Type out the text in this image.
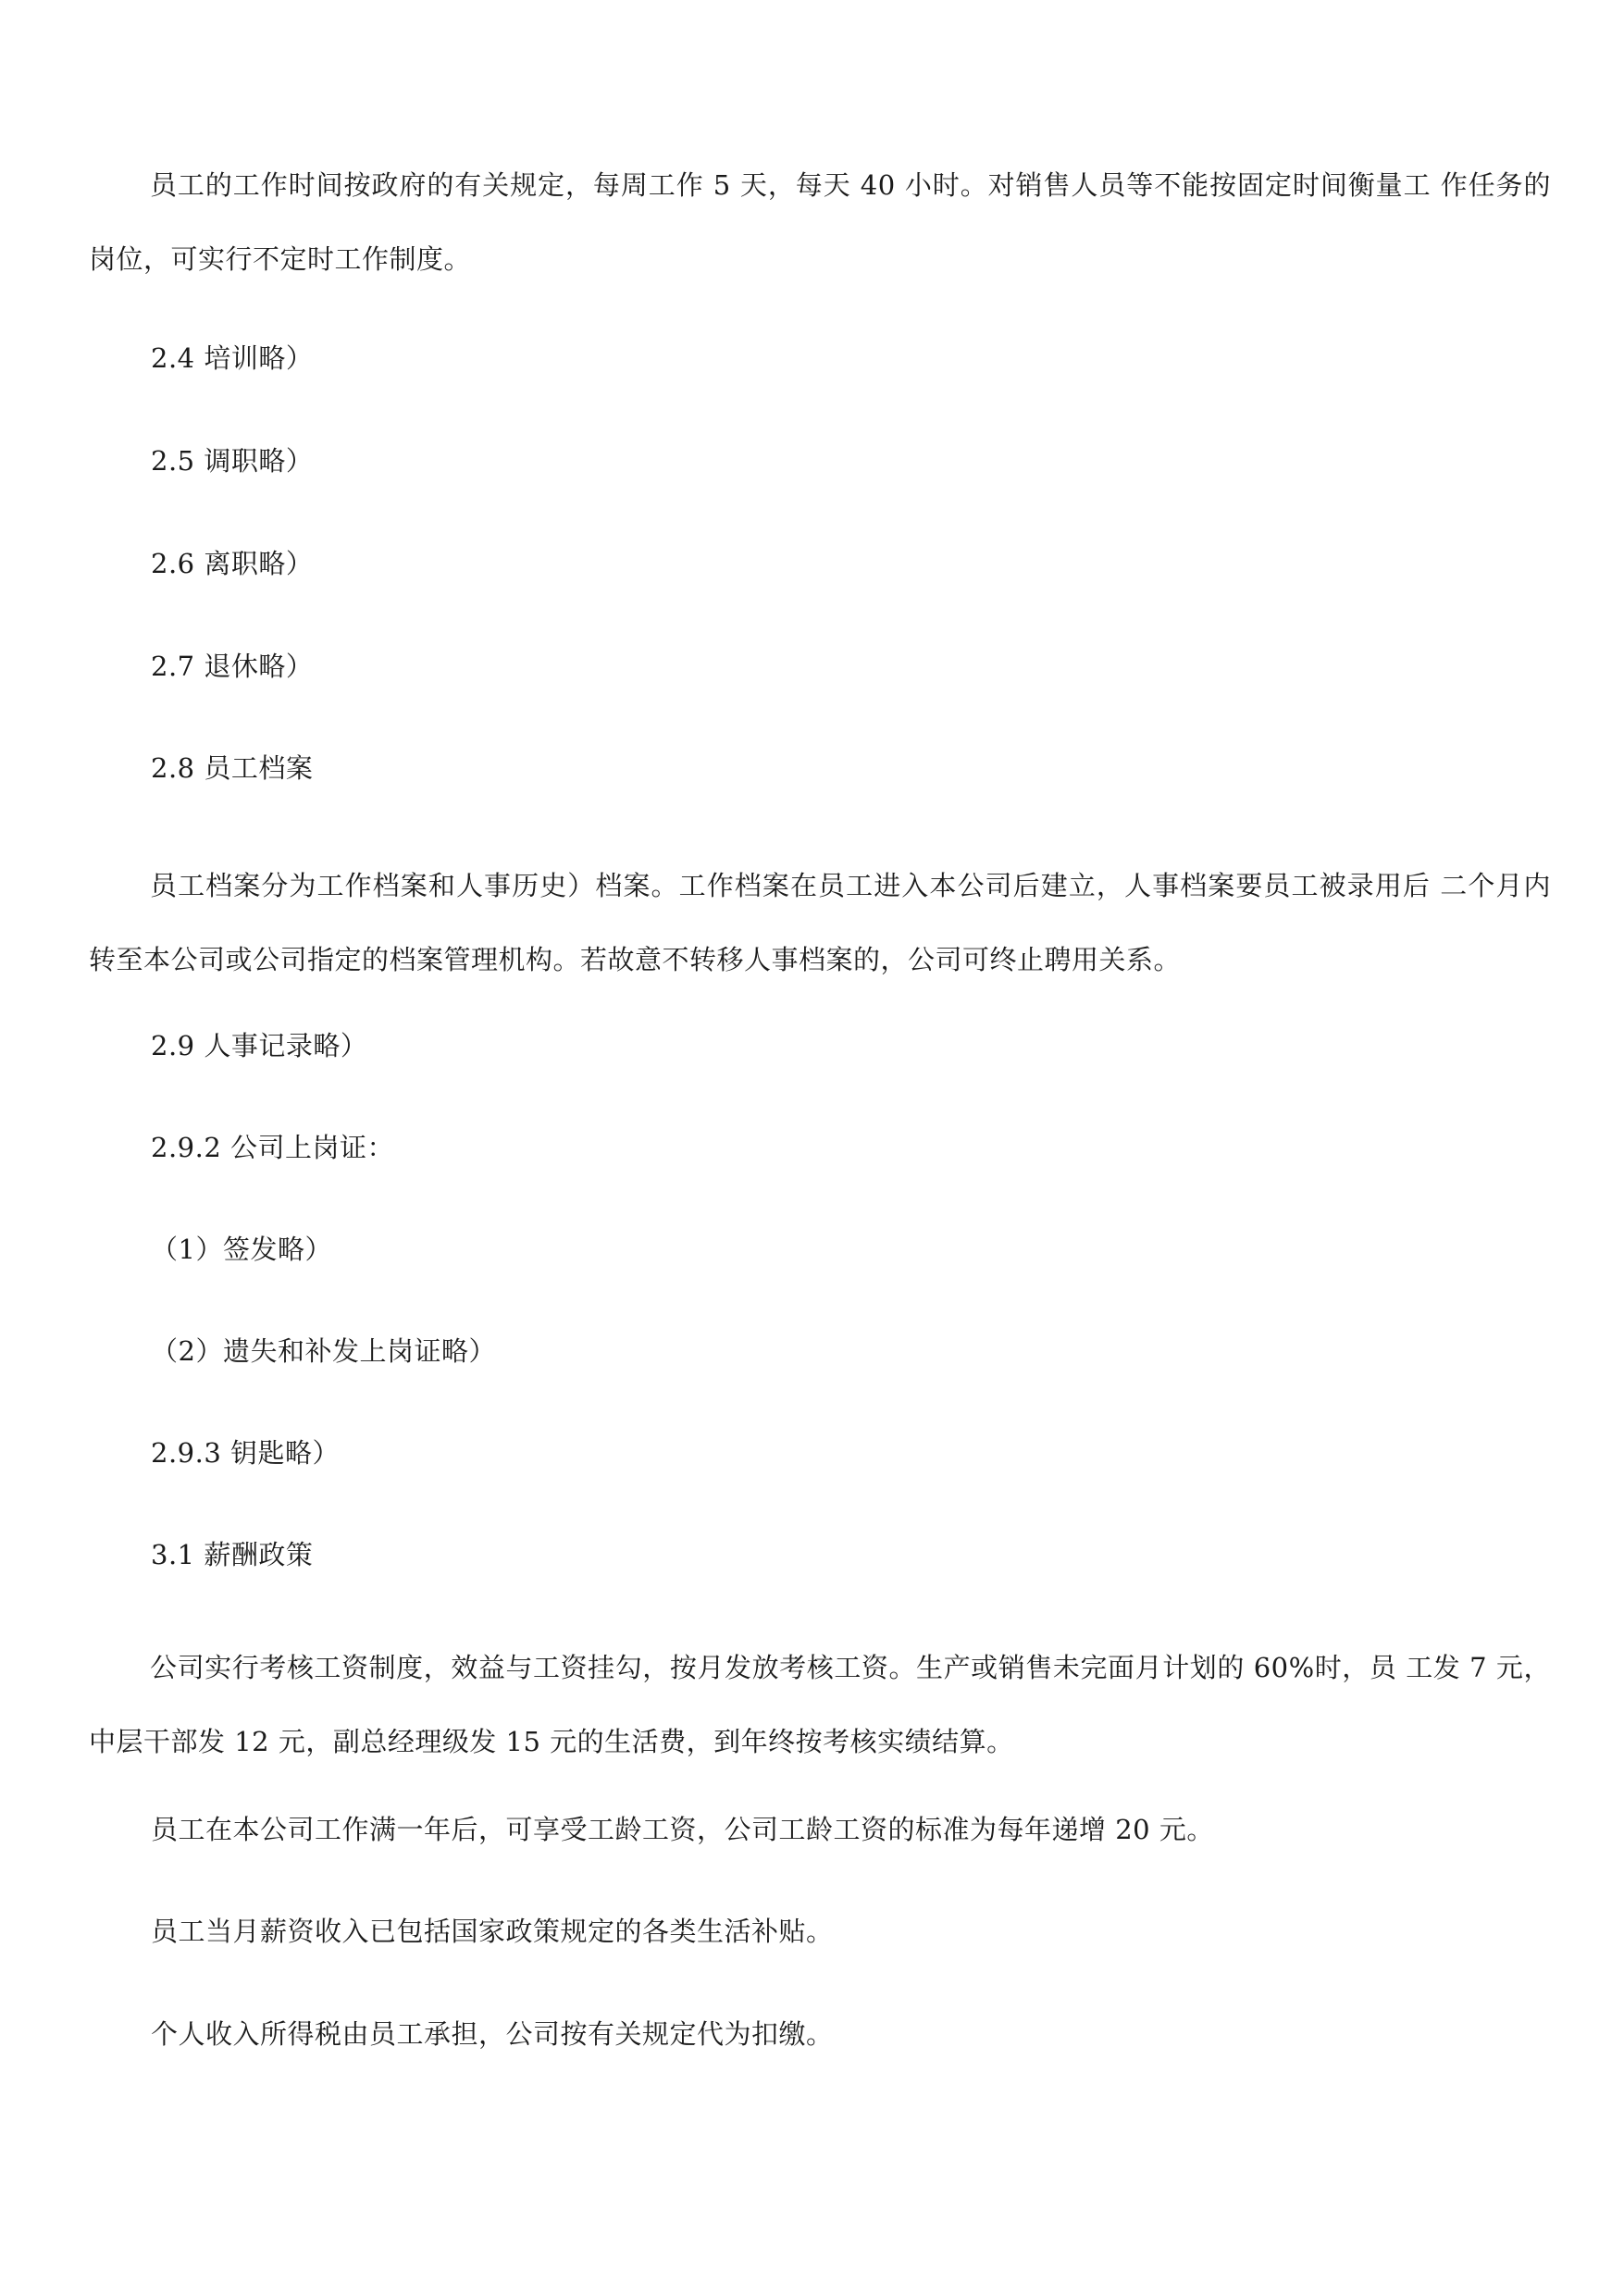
员工的工作时间按政府的有关规定，每周工作 5 天，每天 40 小时。对销售人员等不能按固定时间衡量工 作任务的岗位，可实行不定时工作制度。
2.4 培训略）
2.5 调职略）
2.6 离职略）
2.7 退休略）
2.8 员工档案
员工档案分为工作档案和人事历史）档案。工作档案在员工进入本公司后建立，人事档案要员工被录用后 二个月内转至本公司或公司指定的档案管理机构。若故意不转移人事档案的，公司可终止聘用关系。
2.9 人事记录略）
2.9.2 公司上岗证：
（1）签发略）
（2）遗失和补发上岗证略）
2.9.3 钥匙略）
3.1 薪酬政策
公司实行考核工资制度，效益与工资挂勾，按月发放考核工资。生产或销售未完面月计划的 60%时，员 工发 7 元，中层干部发 12 元，副总经理级发 15 元的生活费，到年终按考核实绩结算。
员工在本公司工作满一年后，可享受工龄工资，公司工龄工资的标准为每年递增 20 元。
员工当月薪资收入已包括国家政策规定的各类生活补贴。
个人收入所得税由员工承担，公司按有关规定代为扣缴。
